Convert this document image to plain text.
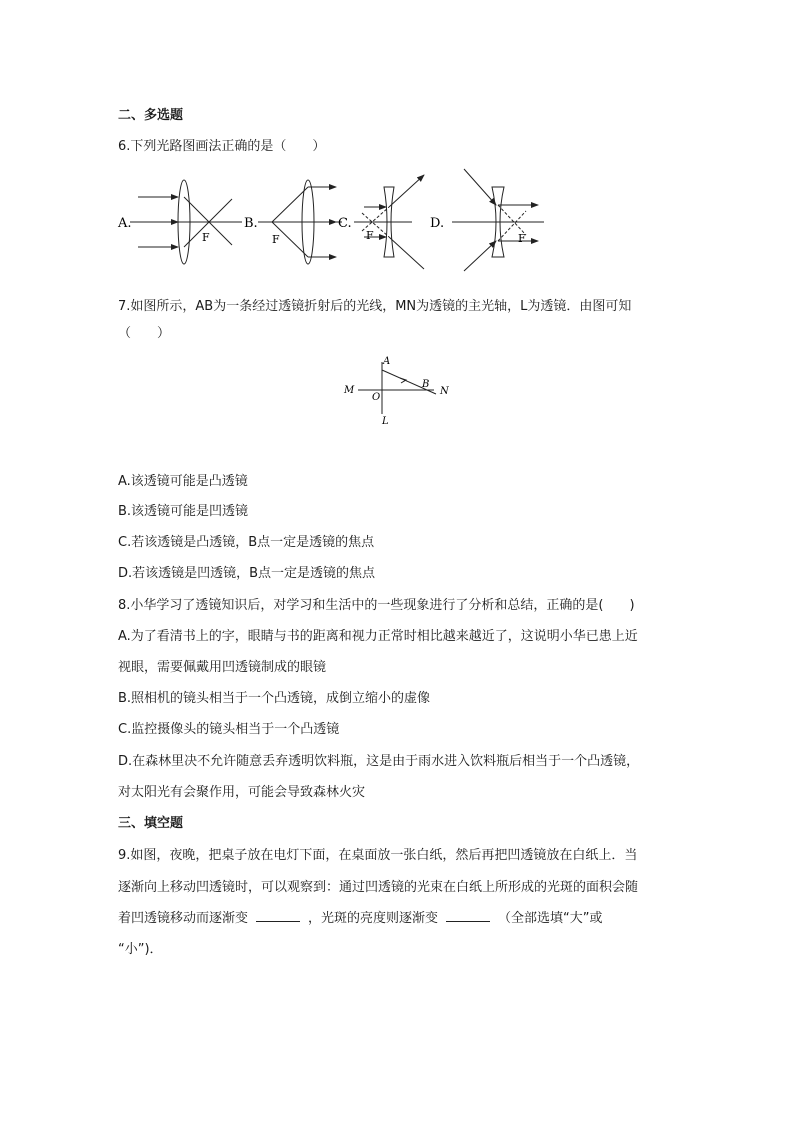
二、多选题
6.下列光路图画法正确的是（　　）
A.
F
B.
F
C.
F
D.
F
7.如图所示，AB为一条经过透镜折射后的光线，MN为透镜的主光轴，L为透镜．由图可知
（　　）
M	N
A
B
O
L
A.该透镜可能是凸透镜
B.该透镜可能是凹透镜
C.若该透镜是凸透镜，B点一定是透镜的焦点
D.若该透镜是凹透镜，B点一定是透镜的焦点
8.小华学习了透镜知识后，对学习和生活中的一些现象进行了分析和总结，正确的是(　　)
A.为了看清书上的字，眼睛与书的距离和视力正常时相比越来越近了，这说明小华已患上近
视眼，需要佩戴用凹透镜制成的眼镜
B.照相机的镜头相当于一个凸透镜，成倒立缩小的虚像
C.监控摄像头的镜头相当于一个凸透镜
D.在森林里决不允许随意丢弃透明饮料瓶，这是由于雨水进入饮料瓶后相当于一个凸透镜，
对太阳光有会聚作用，可能会导致森林火灾
三、填空题
9.如图，夜晚，把桌子放在电灯下面，在桌面放一张白纸，然后再把凹透镜放在白纸上．当
逐渐向上移动凹透镜时，可以观察到：通过凹透镜的光束在白纸上所形成的光斑的面积会随
着凹透镜移动而逐渐变	，光斑的亮度则逐渐变	（全部选填“大”或
“小”)．
